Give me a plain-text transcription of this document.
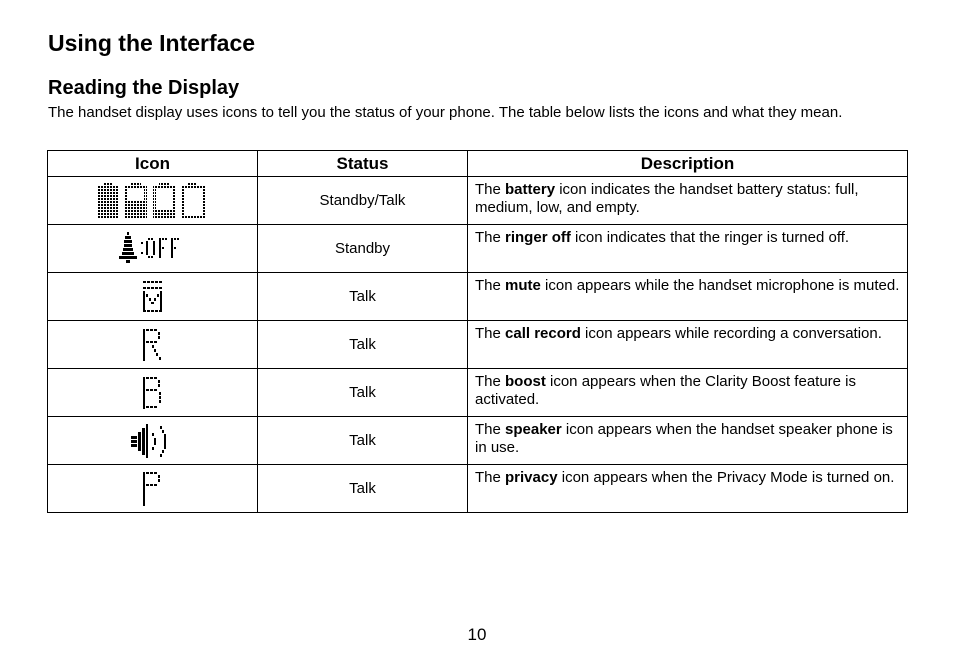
Using the Interface
Reading the Display

The handset display uses icons to tell you the status of your phone. The table below lists the icons and what they mean.

Icon	Status	Description
	Standby/Talk	The battery icon indicates the handset battery status: full, medium, low, and empty.
	Standby	The ringer off icon indicates that the ringer is turned off.
	Talk	The mute icon appears while the handset microphone is muted.
	Talk	The call record icon appears while recording a conversation.
	Talk	The boost icon appears when the Clarity Boost feature is activated.
	Talk	The speaker icon appears when the handset speaker phone is in use.
	Talk	The privacy icon appears when the Privacy Mode is turned on.

10
